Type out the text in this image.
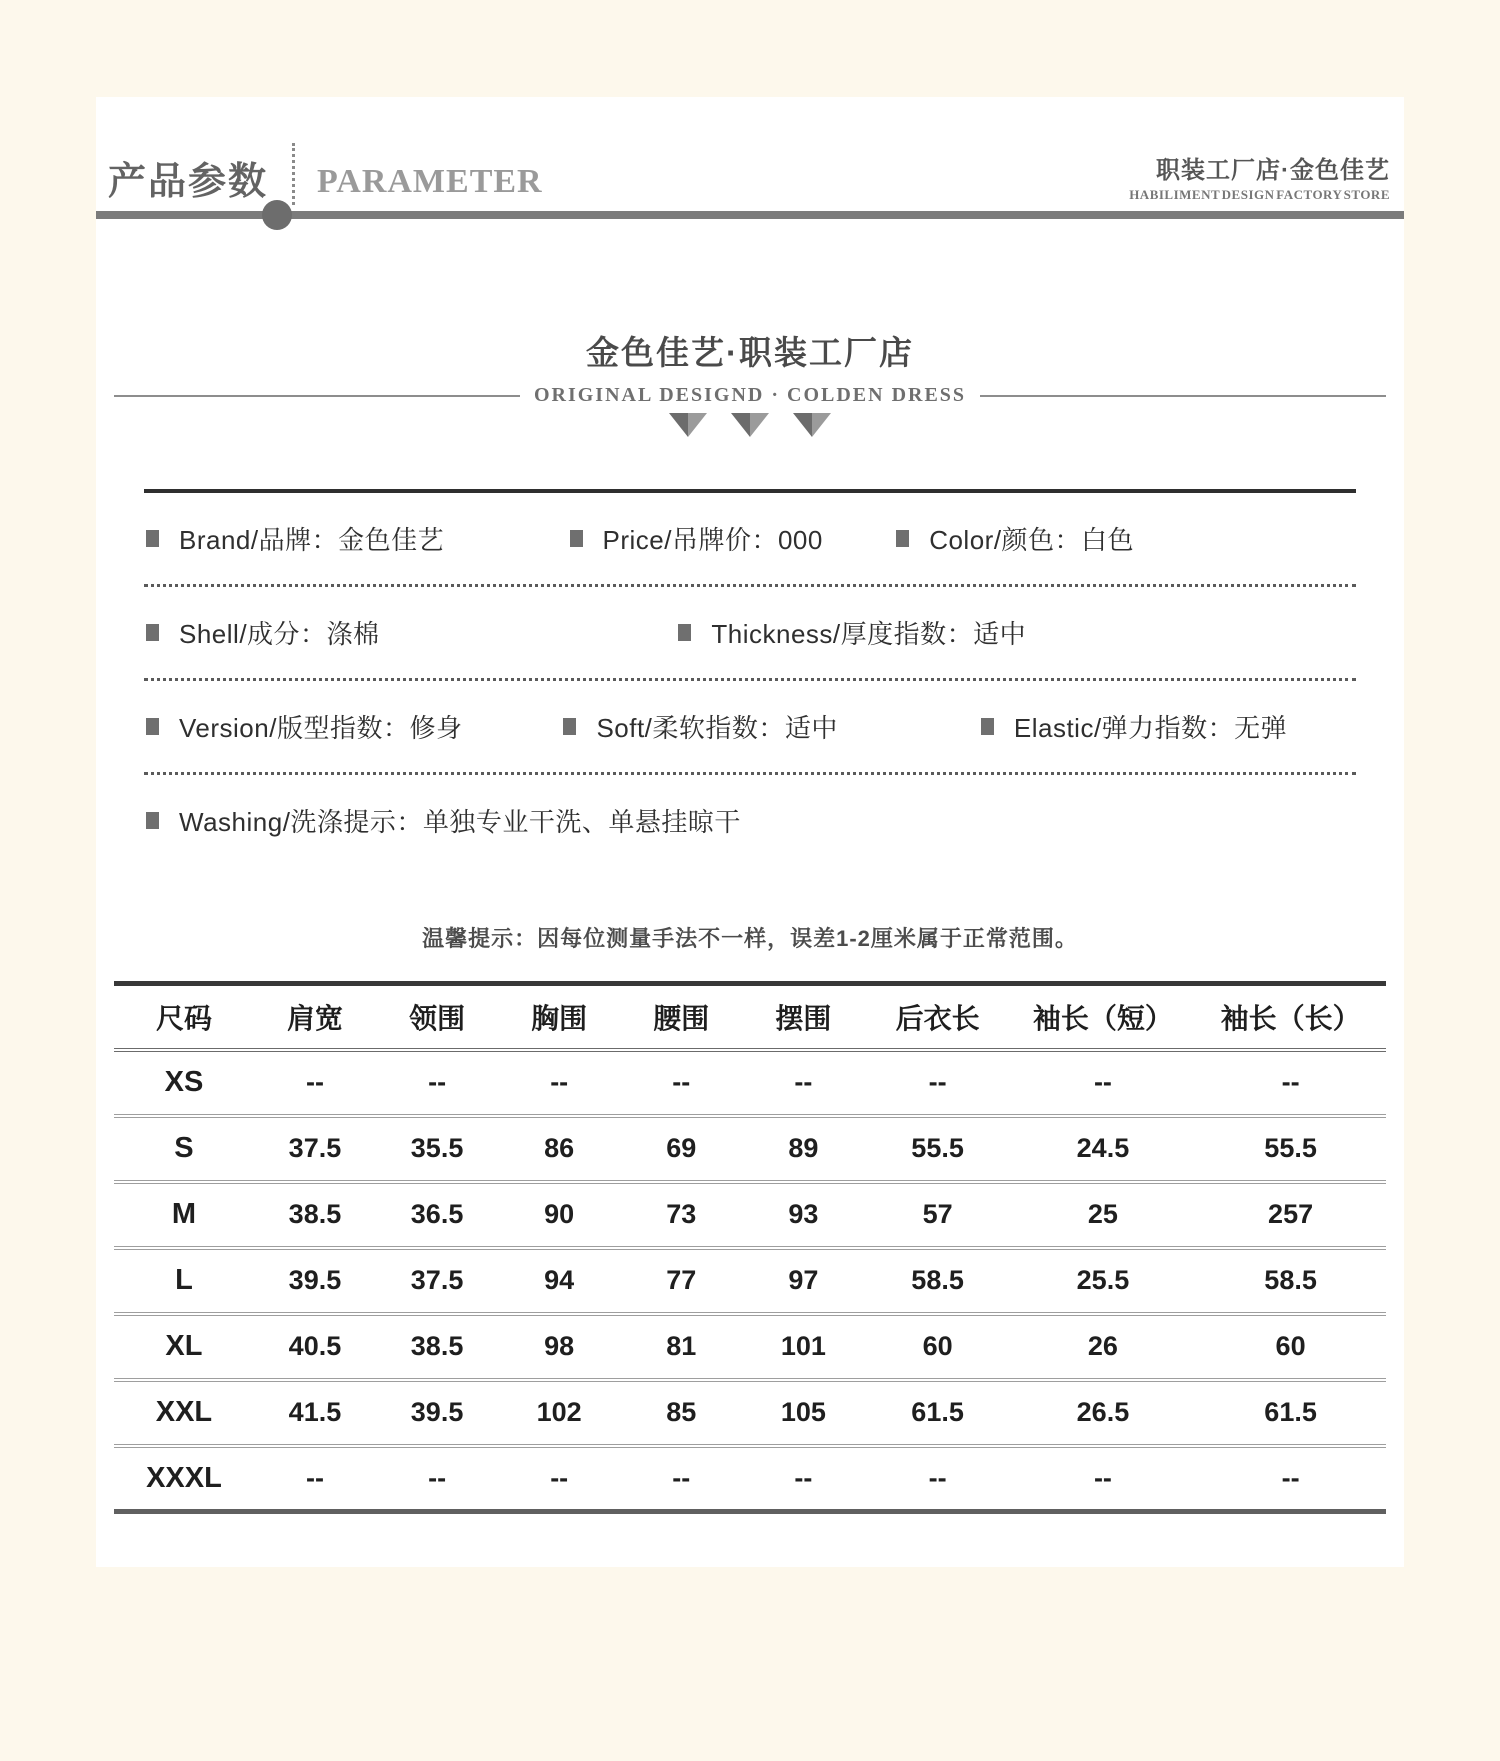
产品参数 PARAMETER	职装工厂店·金色佳艺
HABILIMENT DESIGN FACTORY STORE
金色佳艺·职装工厂店
ORIGINAL DESIGND · COLDEN DRESS
Brand/品牌：金色佳艺	Price/吊牌价：000	Color/颜色：白色
Shell/成分：涤棉	Thickness/厚度指数：适中
Version/版型指数：修身	Soft/柔软指数：适中	Elastic/弹力指数：无弹
Washing/洗涤提示：单独专业干洗、单悬挂晾干
温馨提示：因每位测量手法不一样，误差1-2厘米属于正常范围。
尺码	肩宽	领围	胸围	腰围	摆围	后衣长	袖长（短）	袖长（长）
XS	--	--	--	--	--	--	--	--
S	37.5	35.5	86	69	89	55.5	24.5	55.5
M	38.5	36.5	90	73	93	57	25	257
L	39.5	37.5	94	77	97	58.5	25.5	58.5
XL	40.5	38.5	98	81	101	60	26	60
XXL	41.5	39.5	102	85	105	61.5	26.5	61.5
XXXL	--	--	--	--	--	--	--	--
